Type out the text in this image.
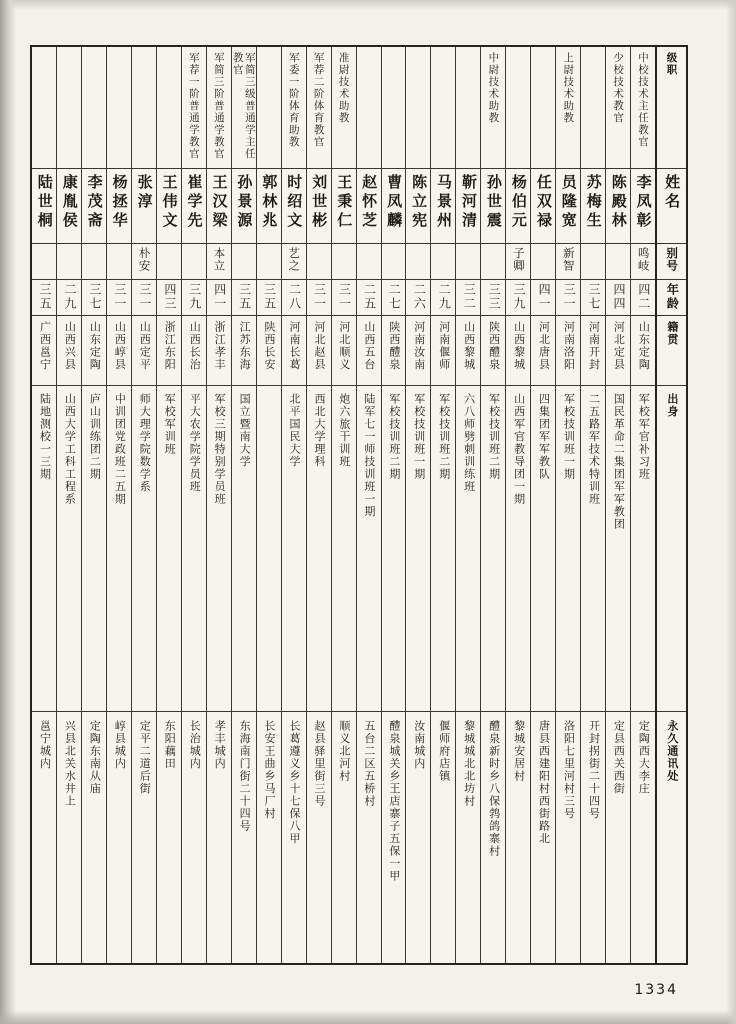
级职
姓名
别号
年龄
籍贯
出身
永久通讯处
中校技术主任教官
李凤彰
鸣岐
四二
山东定陶
军校军官补习班
定陶西大李庄
少校技术教官
陈殿林
四四
河北定县
国民革命二集团军军教团
定县西关西街
苏梅生
三七
河南开封
二五路军技术特训班
开封拐街二十四号
上尉技术助教
员隆宽
新智
三一
河南洛阳
军校技训班一期
洛阳七里河村三号
任双禄
四一
河北唐县
四集团军军教队
唐县西建阳村西街路北
杨伯元
子卿
三九
山西黎城
山西军官教导团一期
黎城安居村
中尉技术助教
孙世震
三三
陕西醴泉
军校技训班二期
醴泉新时乡八保鹁鸽寨村
靳河清
三二
山西黎城
六八师劈刺训练班
黎城城北北坊村
马景州
二九
河南偃师
军校技训班二期
偃师府店镇
陈立宪
二六
河南汝南
军校技训班一期
汝南城内
曹凤麟
二七
陕西醴泉
军校技训班二期
醴泉城关乡王店寨子五保一甲
赵怀芝
二五
山西五台
陆军七一师技训班一期
五台二区五桥村
准尉技术助教
王秉仁
三一
河北顺义
炮六旅干训班
顺义北河村
军荐二阶体育教官
刘世彬
三一
河北赵县
西北大学理科
赵县驿里街三号
军委一阶体育助教
时绍文
艺之
二八
河南长葛
北平国民大学
长葛遵义乡十七保八甲
郭林兆
三五
陕西长安
长安王曲乡马厂村
军简三级普通学主任教官
孙景源
三五
江苏东海
国立暨南大学
东海南门街二十四号
军简三阶普通学教官
王汉梁
本立
四一
浙江孝丰
军校三期特别学员班
孝丰城内
军荐一阶普通学教官
崔学先
三九
山西长治
平大农学院学员班
长治城内
王伟文
四三
浙江东阳
军校军训班
东阳藕田
张淳
朴安
三一
山西定平
师大理学院数学系
定平二道后街
杨拯华
三一
山西崞县
中训团党政班二五期
崞县城内
李茂斋
三七
山东定陶
庐山训练团二期
定陶东南从庙
康胤侯
二九
山西兴县
山西大学工科工程系
兴县北关水井上
陆世桐
三五
广西邕宁
陆地测校一三期
邕宁城内
1334
